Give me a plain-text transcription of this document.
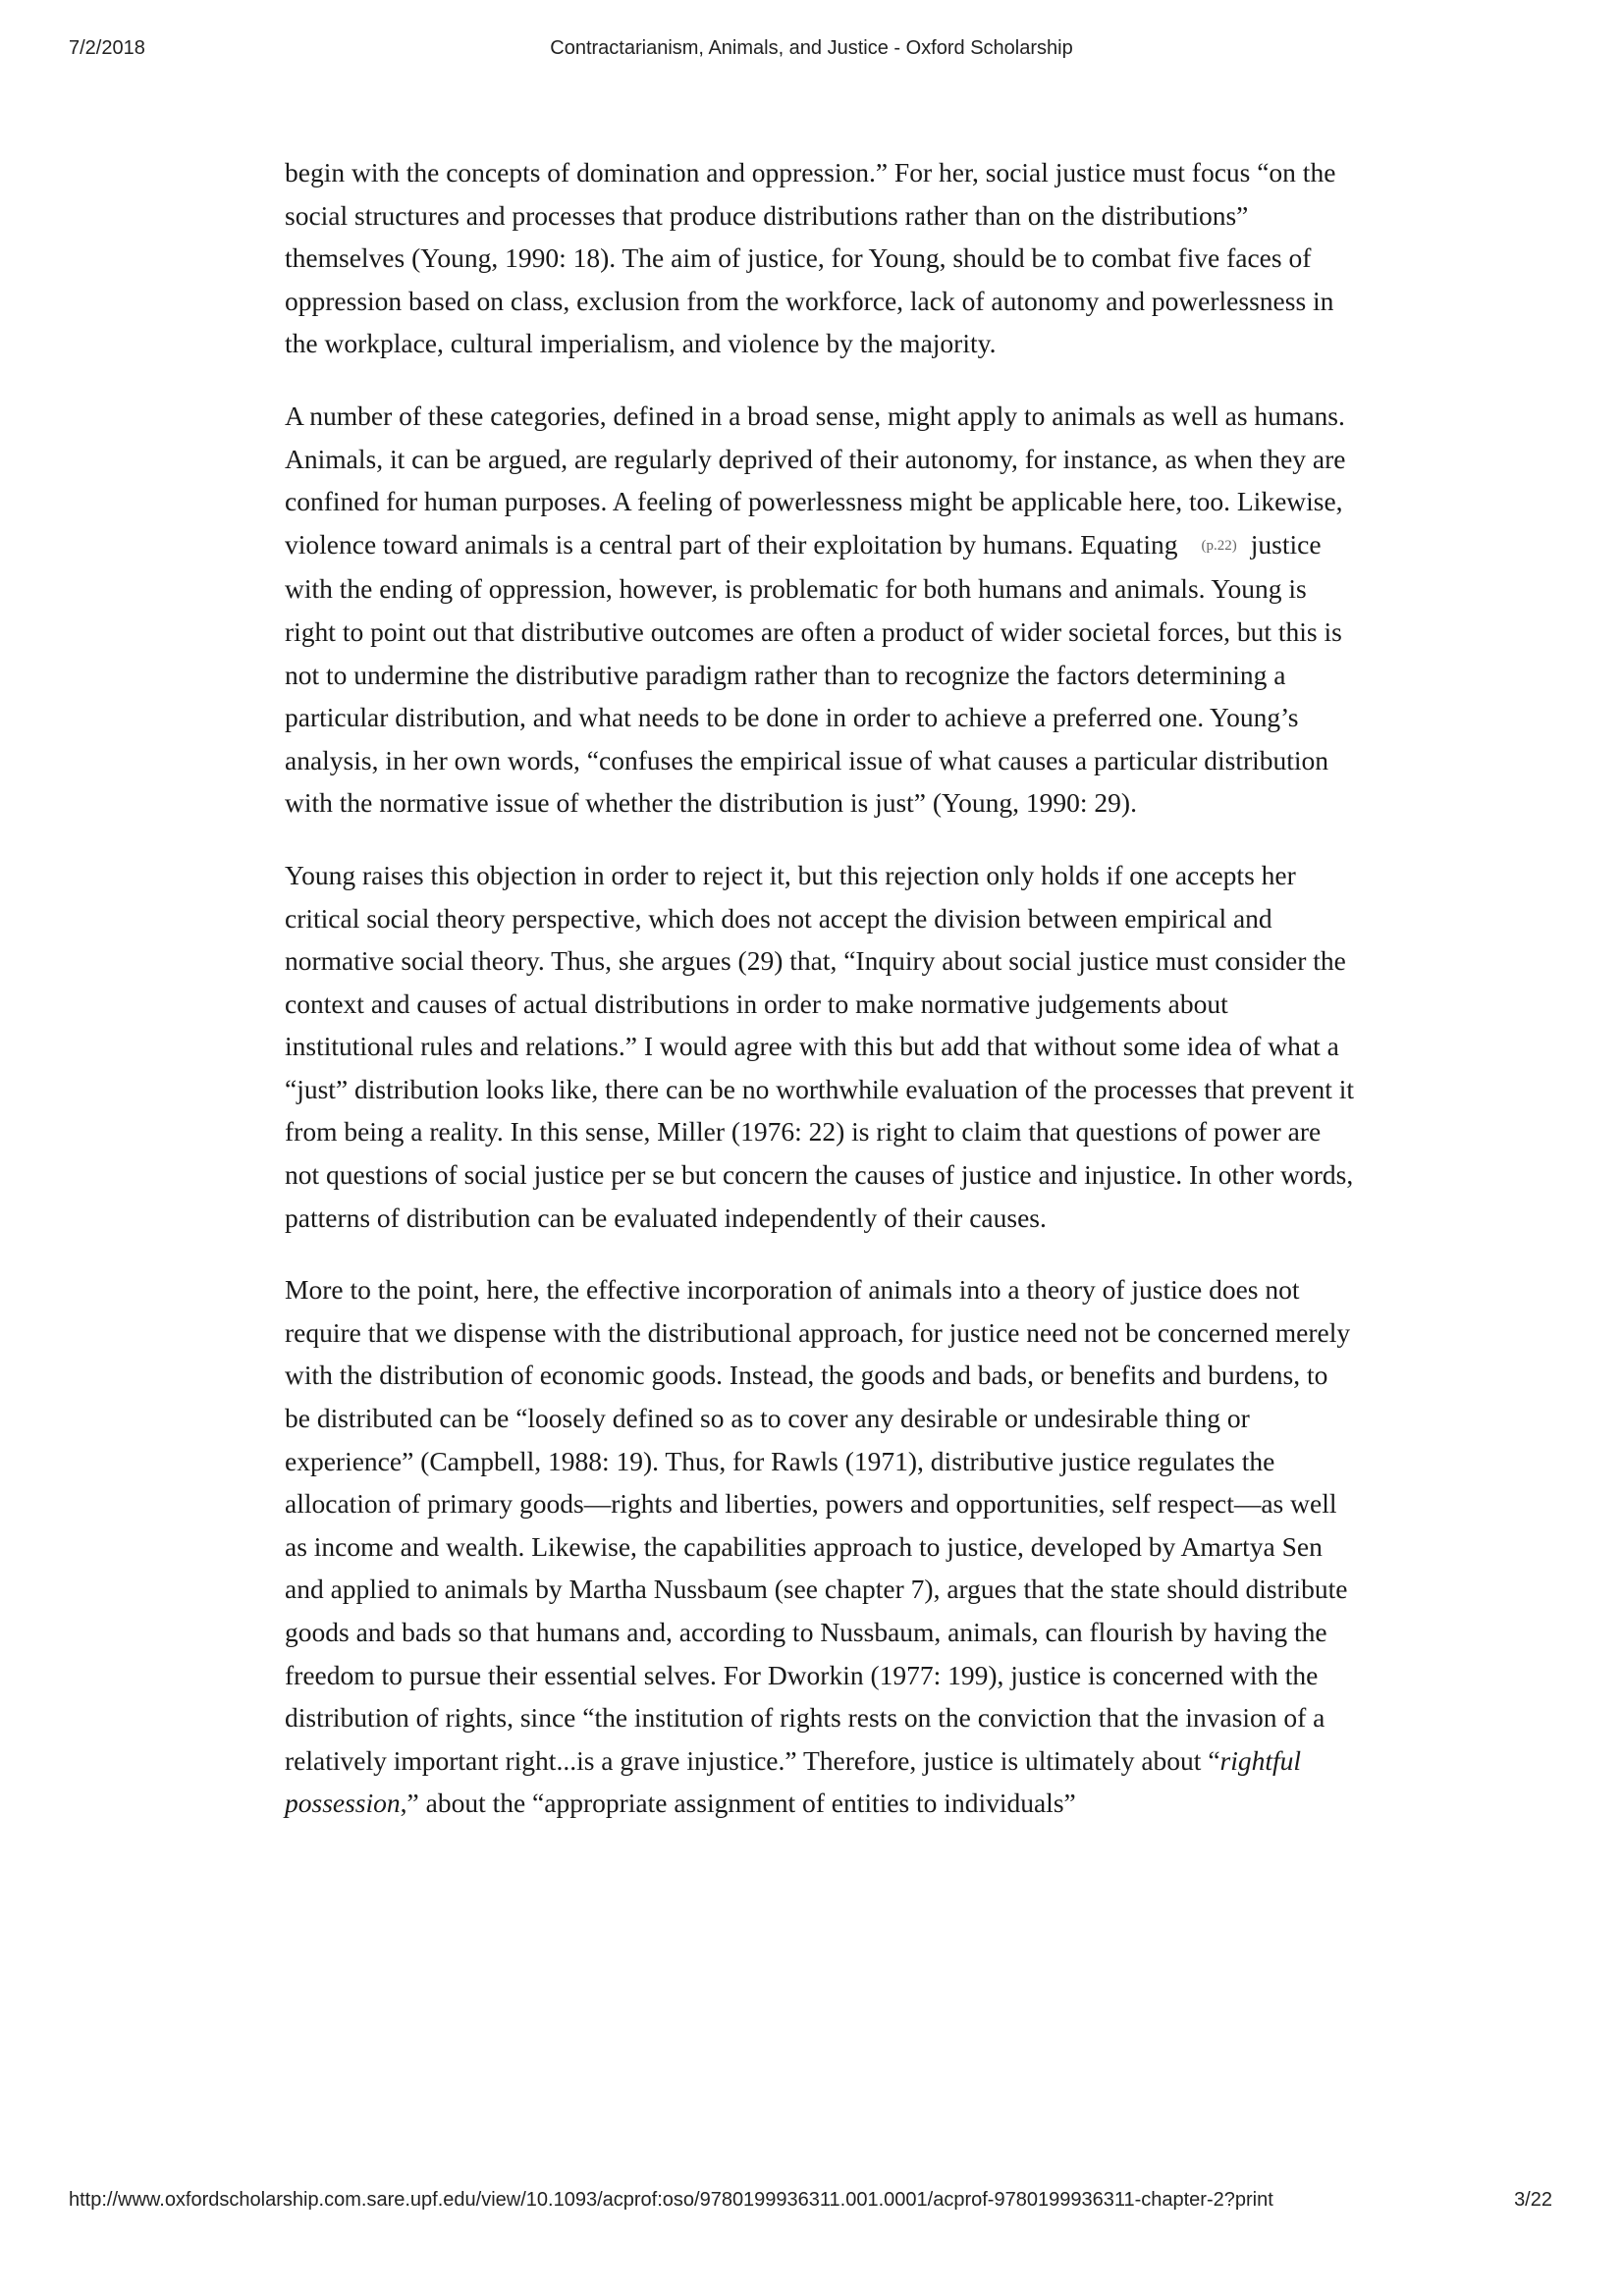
7/2/2018	Contractarianism, Animals, and Justice - Oxford Scholarship

begin with the concepts of domination and oppression.” For her, social justice must focus “on the social structures and processes that produce distributions rather than on the distributions” themselves (Young, 1990: 18). The aim of justice, for Young, should be to combat five faces of oppression based on class, exclusion from the workforce, lack of autonomy and powerlessness in the workplace, cultural imperialism, and violence by the majority.

A number of these categories, defined in a broad sense, might apply to animals as well as humans. Animals, it can be argued, are regularly deprived of their autonomy, for instance, as when they are confined for human purposes. A feeling of powerlessness might be applicable here, too. Likewise, violence toward animals is a central part of their exploitation by humans. Equating (p.22) justice with the ending of oppression, however, is problematic for both humans and animals. Young is right to point out that distributive outcomes are often a product of wider societal forces, but this is not to undermine the distributive paradigm rather than to recognize the factors determining a particular distribution, and what needs to be done in order to achieve a preferred one. Young’s analysis, in her own words, “confuses the empirical issue of what causes a particular distribution with the normative issue of whether the distribution is just” (Young, 1990: 29).

Young raises this objection in order to reject it, but this rejection only holds if one accepts her critical social theory perspective, which does not accept the division between empirical and normative social theory. Thus, she argues (29) that, “Inquiry about social justice must consider the context and causes of actual distributions in order to make normative judgements about institutional rules and relations.” I would agree with this but add that without some idea of what a “just” distribution looks like, there can be no worthwhile evaluation of the processes that prevent it from being a reality. In this sense, Miller (1976: 22) is right to claim that questions of power are not questions of social justice per se but concern the causes of justice and injustice. In other words, patterns of distribution can be evaluated independently of their causes.

More to the point, here, the effective incorporation of animals into a theory of justice does not require that we dispense with the distributional approach, for justice need not be concerned merely with the distribution of economic goods. Instead, the goods and bads, or benefits and burdens, to be distributed can be “loosely defined so as to cover any desirable or undesirable thing or experience” (Campbell, 1988: 19). Thus, for Rawls (1971), distributive justice regulates the allocation of primary goods—rights and liberties, powers and opportunities, self respect—as well as income and wealth. Likewise, the capabilities approach to justice, developed by Amartya Sen and applied to animals by Martha Nussbaum (see chapter 7), argues that the state should distribute goods and bads so that humans and, according to Nussbaum, animals, can flourish by having the freedom to pursue their essential selves. For Dworkin (1977: 199), justice is concerned with the distribution of rights, since “the institution of rights rests on the conviction that the invasion of a relatively important right...is a grave injustice.” Therefore, justice is ultimately about “rightful possession,” about the “appropriate assignment of entities to individuals”

http://www.oxfordscholarship.com.sare.upf.edu/view/10.1093/acprof:oso/9780199936311.001.0001/acprof-9780199936311-chapter-2?print	3/22
